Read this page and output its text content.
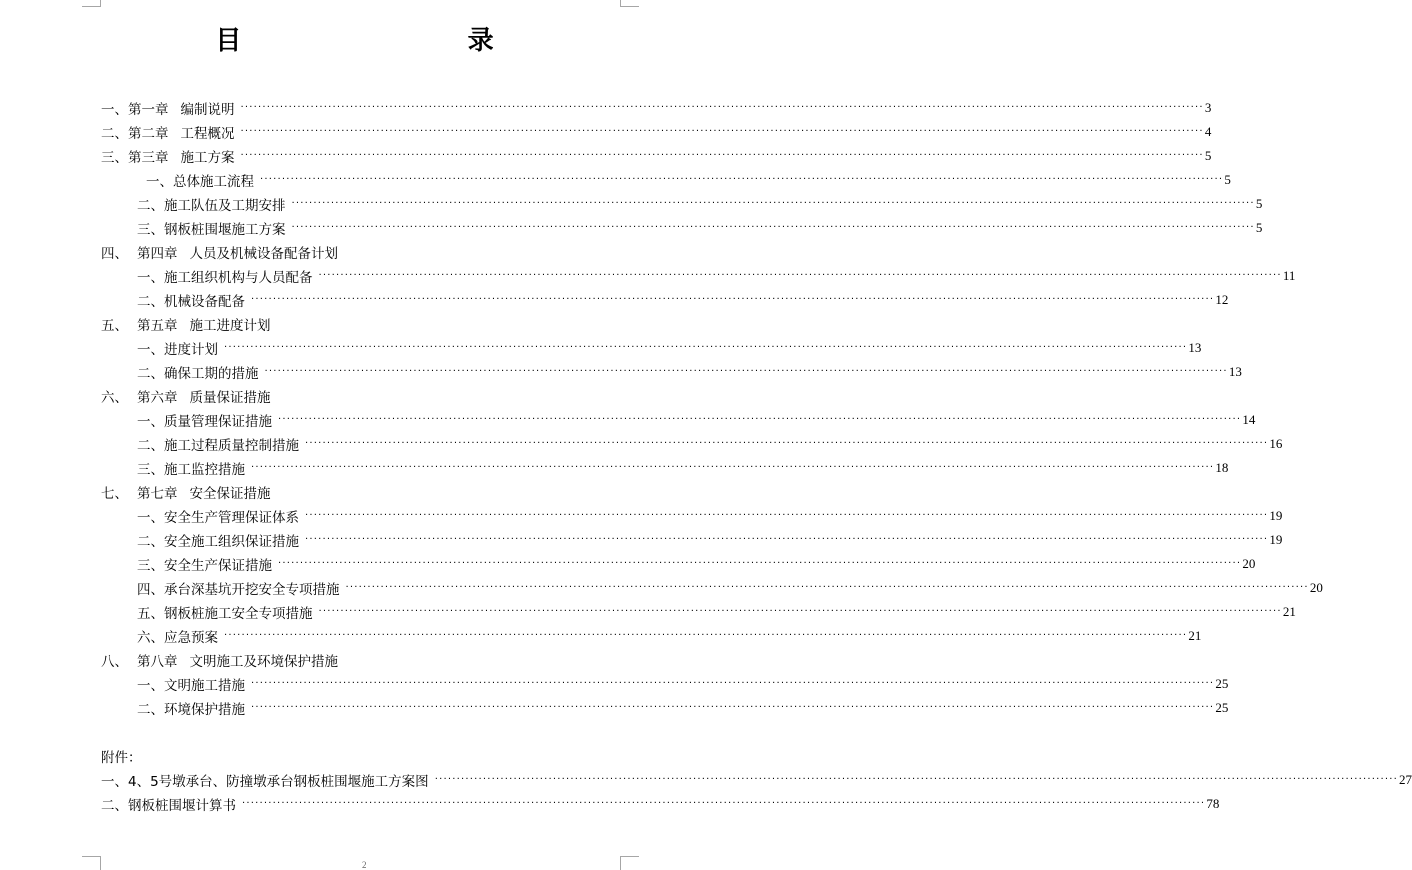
目    录
一、 第一章 编制说明 ···························································································································································································································· 3
二、 第二章 工程概况 ···························································································································································································································· 4
三、 第三章 施工方案 ···························································································································································································································· 5
一、总体施工流程 ···························································································································································································································· 5
二、施工队伍及工期安排 ···························································································································································································································· 5
三、钢板桩围堰施工方案 ···························································································································································································································· 5
四、 第四章 人员及机械设备配备计划
一、施工组织机构与人员配备 ···························································································································································································································· 11
二、机械设备配备 ···························································································································································································································· 12
五、 第五章 施工进度计划
一、进度计划 ···························································································································································································································· 13
二、确保工期的措施 ···························································································································································································································· 13
六、 第六章 质量保证措施
一、质量管理保证措施 ···························································································································································································································· 14
二、施工过程质量控制措施 ···························································································································································································································· 16
三、施工监控措施 ···························································································································································································································· 18
七、 第七章 安全保证措施
一、安全生产管理保证体系 ···························································································································································································································· 19
二、安全施工组织保证措施 ···························································································································································································································· 19
三、安全生产保证措施 ···························································································································································································································· 20
四、承台深基坑开挖安全专项措施 ···························································································································································································································· 20
五、钢板桩施工安全专项措施 ···························································································································································································································· 21
六、应急预案 ···························································································································································································································· 21
八、 第八章 文明施工及环境保护措施
一、文明施工措施 ···························································································································································································································· 25
二、环境保护措施 ···························································································································································································································· 25
附件：
一、4、5号墩承台、防撞墩承台钢板桩围堰施工方案图 ···························································································································································································································· 27
二、钢板桩围堰计算书 ···························································································································································································································· 78
2
